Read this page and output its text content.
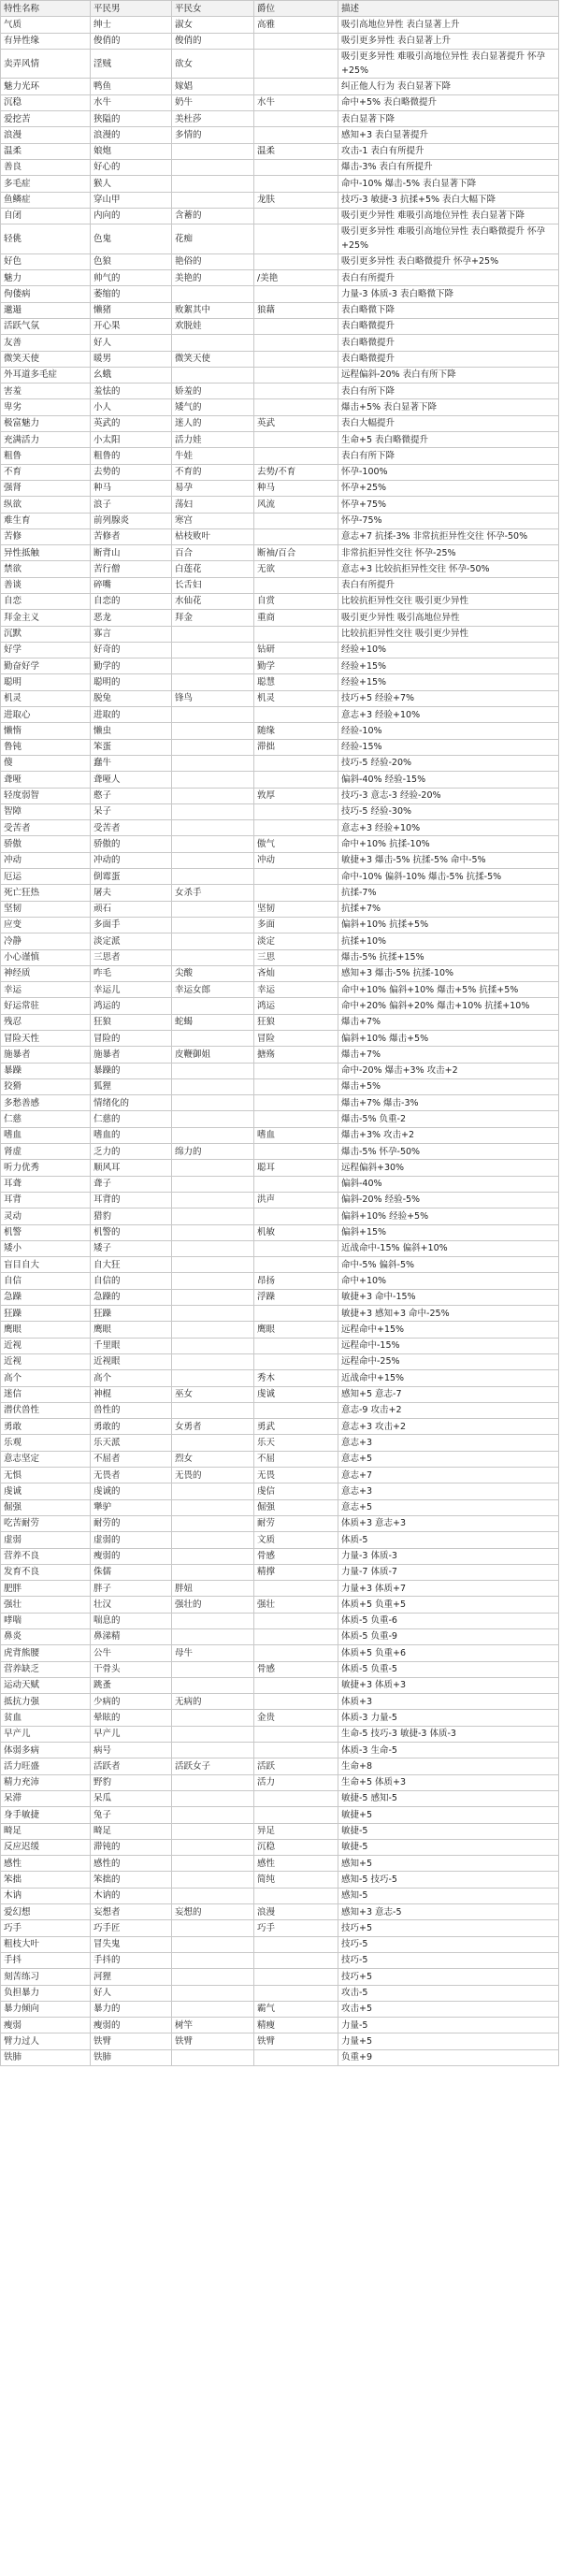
特性名称	平民男	平民女	爵位	描述
气质	绅士	淑女	高雅	吸引高地位异性 表白显著上升
有异性缘	俊俏的	俊俏的		吸引更多异性 表白显著上升
卖弄风情	淫贼	欲女		吸引更多异性 难吸引高地位异性 表白显著提升 怀孕+25%
魅力光环	鸭鱼	嫁娼		纠正他人行为 表白显著下降
沉稳	水牛	奶牛	水牛	命中+5% 表白略微提升
爱挖苦	狭隘的	美杜莎		表白显著下降
浪漫	浪漫的	多情的		感知+3 表白显著提升
温柔	娘炮		温柔	攻击-1 表白有所提升
善良	好心的			爆击-3% 表白有所提升
多毛症	猴人			命中-10% 爆击-5% 表白显著下降
鱼鳞症	穿山甲		龙肤	技巧-3 敏捷-3 抗揉+5% 表白大幅下降
自闭	内向的	含蓄的		吸引更少异性 难吸引高地位异性 表白显著下降
轻佻	色鬼	花痴		吸引更多异性 难吸引高地位异性 表白略微提升 怀孕+25%
好色	色狼	艳俗的		吸引更多异性 表白略微提升 怀孕+25%
魅力	帅气的	美艳的	/美艳	表白有所提升
佝偻病	萎缩的			力量-3 体质-3 表白略微下降
邋遢	懒猪	败絮其中	狼藉	表白略微下降
活跃气氛	开心果	欢脱娃		表白略微提升
友善	好人			表白略微提升
微笑天使	暖男	微笑天使		表白略微提升
外耳道多毛症	幺蛾			远程偏斜-20% 表白有所下降
害羞	羞怯的	娇羞的		表白有所下降
卑劣	小人	矮气的		爆击+5% 表白显著下降
极富魅力	英武的	迷人的	英武	表白大幅提升
充满活力	小太阳	活力娃		生命+5 表白略微提升
粗鲁	粗鲁的	牛娃		表白有所下降
不育	去势的	不育的	去势/不育	怀孕-100%
强肾	种马	易孕	种马	怀孕+25%
纵欲	浪子	荡妇	风流	怀孕+75%
难生育	前列腺炎	寒宫		怀孕-75%
苦修	苦修者	枯枝败叶		意志+7 抗揉-3% 非常抗拒异性交往 怀孕-50%
异性抵触	断背山	百合	断袖/百合	非常抗拒异性交往 怀孕-25%
禁欲	苦行僧	白莲花	无欲	意志+3 比较抗拒异性交往 怀孕-50%
善谈	碎嘴	长舌妇		表白有所提升
自恋	自恋的	水仙花	自赏	比较抗拒异性交往 吸引更少异性
拜金主义	恶龙	拜金	重商	吸引更少异性 吸引高地位异性
沉默	寡言			比较抗拒异性交往 吸引更少异性
好学	好奇的		钻研	经验+10%
勤奋好学	勤学的		勤学	经验+15%
聪明	聪明的		聪慧	经验+15%
机灵	脱兔	锋鸟	机灵	技巧+5 经验+7%
进取心	进取的			意志+3 经验+10%
懒惰	懒虫		随缘	经验-10%
鲁钝	笨蛋		滞拙	经验-15%
傻	蠢牛			技巧-5 经验-20%
聋哑	聋哑人			偏斜-40% 经验-15%
轻度弱智	憨子		敦厚	技巧-3 意志-3 经验-20%
智障	呆子			技巧-5 经验-30%
受苦者	受苦者			意志+3 经验+10%
骄傲	骄傲的		傲气	命中+10% 抗揉-10%
冲动	冲动的		冲动	敏捷+3 爆击-5% 抗揉-5% 命中-5%
厄运	倒霉蛋			命中-10% 偏斜-10% 爆击-5% 抗揉-5%
死亡狂热	屠夫	女杀手		抗揉-7%
坚韧	顽石		坚韧	抗揉+7%
应变	多面手		多面	偏斜+10% 抗揉+5%
冷静	淡定派		淡定	抗揉+10%
小心谨慎	三思者		三思	爆击-5% 抗揉+15%
神经质	咋毛	尖酸	吝灿	感知+3 爆击-5% 抗揉-10%
幸运	幸运儿	幸运女郎	幸运	命中+10% 偏斜+10% 爆击+5% 抗揉+5%
好运常驻	鸿运的		鸿运	命中+20% 偏斜+20% 爆击+10% 抗揉+10%
残忍	狂狼	蛇蝎	狂狼	爆击+7%
冒险天性	冒险的		冒险	偏斜+10% 爆击+5%
施暴者	施暴者	皮鞭御姐	搪殇	爆击+7%
暴躁	暴躁的			命中-20% 爆击+3% 攻击+2
狡猾	狐狸			爆击+5%
多愁善感	情绪化的			爆击+7% 爆击-3%
仁慈	仁慈的			爆击-5% 负重-2
嗜血	嗜血的		嗜血	爆击+3% 攻击+2
肾虚	乏力的	绵力的		爆击-5% 怀孕-50%
听力优秀	顺风耳		聪耳	远程偏斜+30%
耳聋	聋子			偏斜-40%
耳背	耳背的		洪声	偏斜-20% 经验-5%
灵动	猎豹			偏斜+10% 经验+5%
机警	机警的		机敏	偏斜+15%
矮小	矮子			近战命中-15% 偏斜+10%
盲目自大	自大狂			命中-5% 偏斜-5%
自信	自信的		昂扬	命中+10%
急躁	急躁的		浮躁	敏捷+3 命中-15%
狂躁	狂躁			敏捷+3 感知+3 命中-25%
鹰眼	鹰眼		鹰眼	远程命中+15%
近视	千里眼			远程命中-15%
近视	近视眼			远程命中-25%
高个	高个		秀木	近战命中+15%
迷信	神棍	巫女	虔诚	感知+5 意志-7
潜伏兽性	兽性的			意志-9 攻击+2
勇敢	勇敢的	女勇者	勇武	意志+3 攻击+2
乐观	乐天派		乐天	意志+3
意志坚定	不屈者	烈女	不屈	意志+5
无惧	无畏者	无畏的	无畏	意志+7
虔诚	虔诚的		虔信	意志+3
倔强	犟驴		倔强	意志+5
吃苦耐劳	耐劳的		耐劳	体质+3 意志+3
虚弱	虚弱的		文质	体质-5
营养不良	瘦弱的		骨感	力量-3 体质-3
发育不良	侏儒		精撑	力量-7 体质-7
肥胖	胖子	胖妞		力量+3 体质+7
强壮	壮汉	强壮的	强壮	体质+5 负重+5
哮喘	喘息的			体质-5 负重-6
鼻炎	鼻涕精			体质-5 负重-9
虎背熊腰	公牛	母牛		体质+5 负重+6
营养缺乏	干骨头		骨感	体质-5 负重-5
运动天赋	跳蚤			敏捷+3 体质+3
抵抗力强	少病的	无病的		体质+3
贫血	晕眩的		金贵	体质-3 力量-5
早产儿	早产儿			生命-5 技巧-3 敏捷-3 体质-3
体弱多病	病号			体质-3 生命-5
活力旺盛	活跃者	活跃女子	活跃	生命+8
精力充沛	野豹		活力	生命+5 体质+3
呆滞	呆瓜			敏捷-5 感知-5
身手敏捷	兔子			敏捷+5
畸足	畸足		异足	敏捷-5
反应迟缓	滞钝的		沉稳	敏捷-5
感性	感性的		感性	感知+5
笨拙	笨拙的		简纯	感知-5 技巧-5
木讷	木讷的			感知-5
爱幻想	妄想者	妄想的	浪漫	感知+3 意志-5
巧手	巧手匠		巧手	技巧+5
粗枝大叶	冒失鬼			技巧-5
手抖	手抖的			技巧-5
刻苦练习	河狸			技巧+5
负担暴力	好人			攻击-5
暴力倾向	暴力的		霸气	攻击+5
瘦弱	瘦弱的	树竿	精瘦	力量-5
臂力过人	铁臂	铁臂	铁臂	力量+5
铁肺	铁肺			负重+9
